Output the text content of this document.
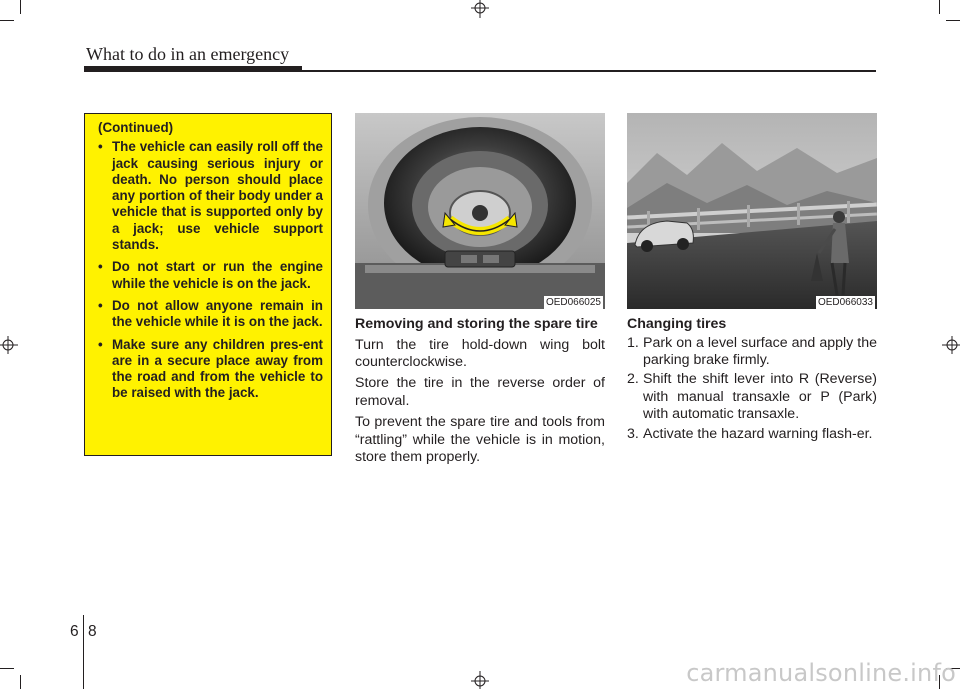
What to do in an emergency
(Continued)
• The vehicle can easily roll off the jack causing serious injury or death. No person should place any portion of their body under a vehicle that is supported only by a jack; use vehicle support stands.
• Do not start or run the engine while the vehicle is on the jack.
• Do not allow anyone remain in the vehicle while it is on the jack.
• Make sure any children pres-ent are in a secure place away from the road and from the vehicle to be raised with the jack.
OED066025	OED066033
Removing and storing the spare tire

Turn the tire hold-down wing bolt counterclockwise.

Store the tire in the reverse order of removal.

To prevent the spare tire and tools from “rattling” while the vehicle is in motion, store them properly.

Changing tires
1. Park on a level surface and apply the parking brake firmly.
2. Shift the shift lever into R (Reverse) with manual transaxle or P (Park) with automatic transaxle.
3. Activate the hazard warning flash-er.
6 8
carmanualsonline.info
